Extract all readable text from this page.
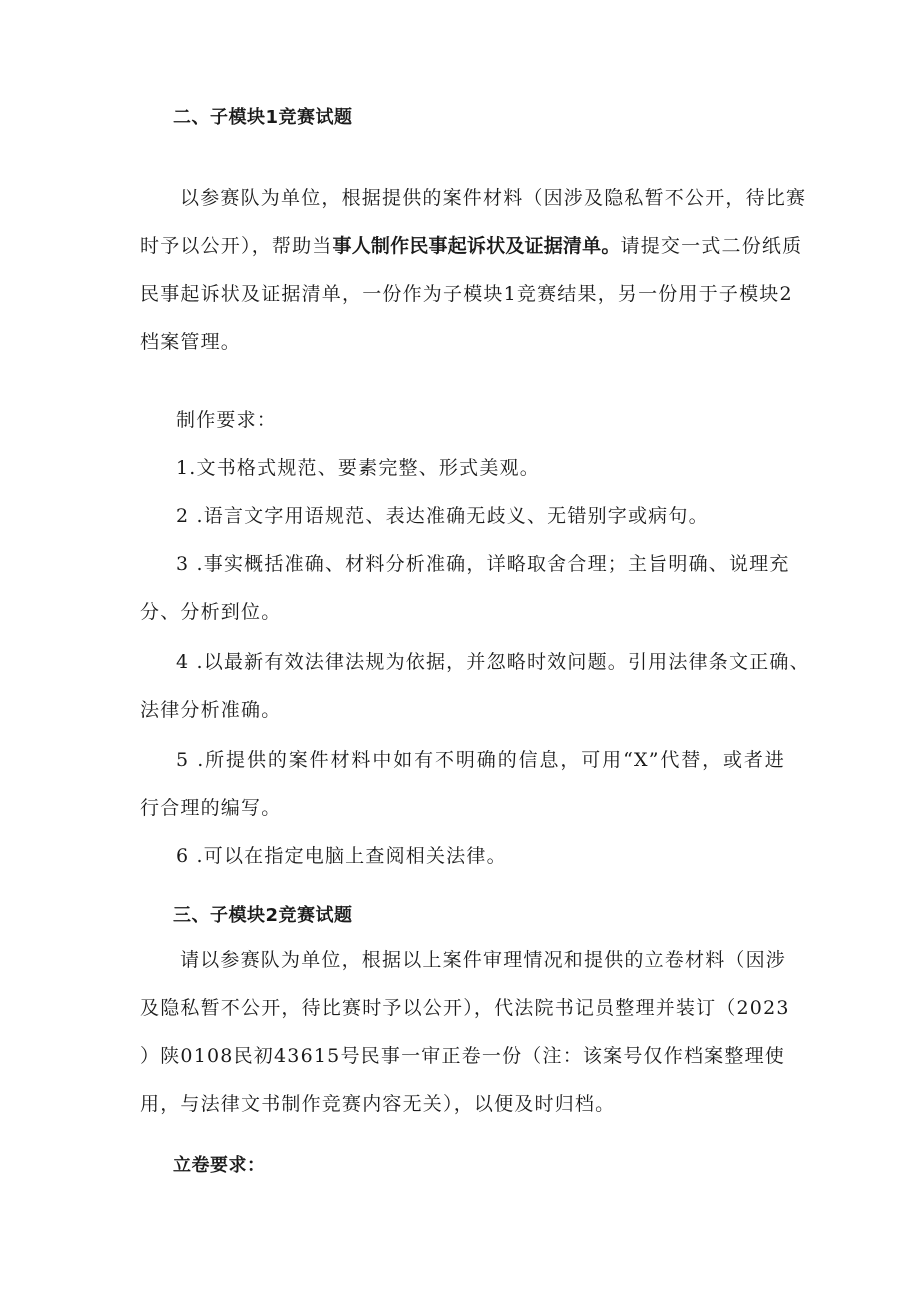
二、子模块1竞赛试题
以参赛队为单位，根据提供的案件材料（因涉及隐私暂不公开，待比赛
时予以公开），帮助当事人制作民事起诉状及证据清单。请提交一式二份纸质
民事起诉状及证据清单，一份作为子模块1竞赛结果，另一份用于子模块2
档案管理。
制作要求：
1.文书格式规范、要素完整、形式美观。
2 .语言文字用语规范、表达准确无歧义、无错别字或病句。
3 .事实概括准确、材料分析准确，详略取舍合理；主旨明确、说理充
分、分析到位。
4 .以最新有效法律法规为依据，并忽略时效问题。引用法律条文正确、
法律分析准确。
5 .所提供的案件材料中如有不明确的信息，可用“X”代替，或者进
行合理的编写。
6 .可以在指定电脑上查阅相关法律。
三、子模块2竞赛试题
请以参赛队为单位，根据以上案件审理情况和提供的立卷材料（因涉
及隐私暂不公开，待比赛时予以公开），代法院书记员整理并装订（2023
）陕0108民初43615号民事一审正卷一份（注：该案号仅作档案整理使
用，与法律文书制作竞赛内容无关），以便及时归档。
立卷要求：
